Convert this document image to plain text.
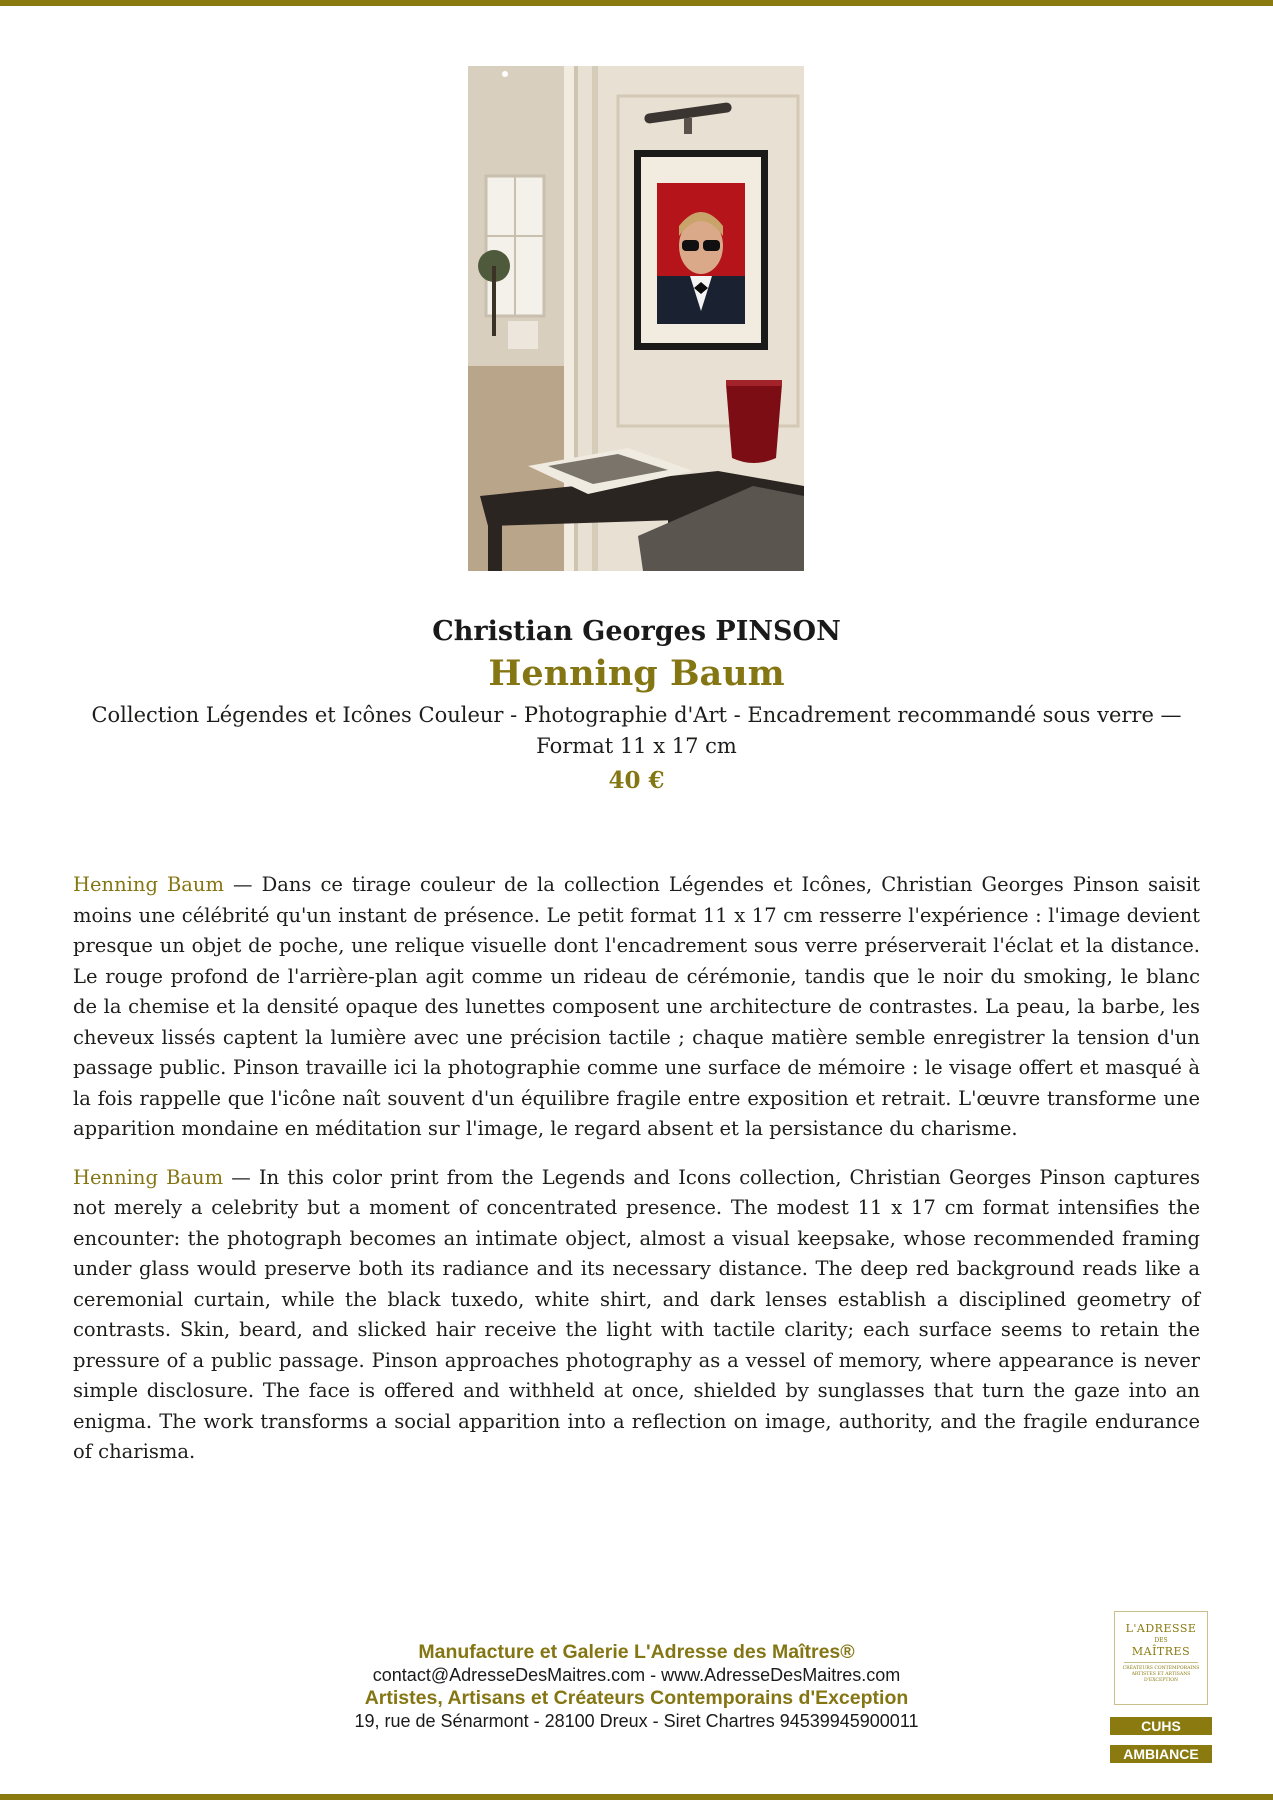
Christian Georges PINSON
Henning Baum
Collection Légendes et Icônes Couleur - Photographie d'Art - Encadrement recommandé sous verre — Format 11 x 17 cm
40 €

Henning Baum — Dans ce tirage couleur de la collection Légendes et Icônes, Christian Georges Pinson saisit moins une célébrité qu'un instant de présence. Le petit format 11 x 17 cm resserre l'expérience : l'image devient presque un objet de poche, une relique visuelle dont l'encadrement sous verre préserverait l'éclat et la distance. Le rouge profond de l'arrière-plan agit comme un rideau de cérémonie, tandis que le noir du smoking, le blanc de la chemise et la densité opaque des lunettes composent une architecture de contrastes. La peau, la barbe, les cheveux lissés captent la lumière avec une précision tactile ; chaque matière semble enregistrer la tension d'un passage public. Pinson travaille ici la photographie comme une surface de mémoire : le visage offert et masqué à la fois rappelle que l'icône naît souvent d'un équilibre fragile entre exposition et retrait. L'œuvre transforme une apparition mondaine en méditation sur l'image, le regard absent et la persistance du charisme.

Henning Baum — In this color print from the Legends and Icons collection, Christian Georges Pinson captures not merely a celebrity but a moment of concentrated presence. The modest 11 x 17 cm format intensifies the encounter: the photograph becomes an intimate object, almost a visual keepsake, whose recommended framing under glass would preserve both its radiance and its necessary distance. The deep red background reads like a ceremonial curtain, while the black tuxedo, white shirt, and dark lenses establish a disciplined geometry of contrasts. Skin, beard, and slicked hair receive the light with tactile clarity; each surface seems to retain the pressure of a public passage. Pinson approaches photography as a vessel of memory, where appearance is never simple disclosure. The face is offered and withheld at once, shielded by sunglasses that turn the gaze into an enigma. The work transforms a social apparition into a reflection on image, authority, and the fragile endurance of charisma.

Manufacture et Galerie L'Adresse des Maîtres®
contact@AdresseDesMaitres.com - www.AdresseDesMaitres.com
Artistes, Artisans et Créateurs Contemporains d'Exception
19, rue de Sénarmont - 28100 Dreux - Siret Chartres 94539945900011
L'ADRESSE
DES
MAÎTRES
CRÉATEURS CONTEMPORAINS ARTISTES ET ARTISANS D'EXCEPTION
CUHS
AMBIANCE
